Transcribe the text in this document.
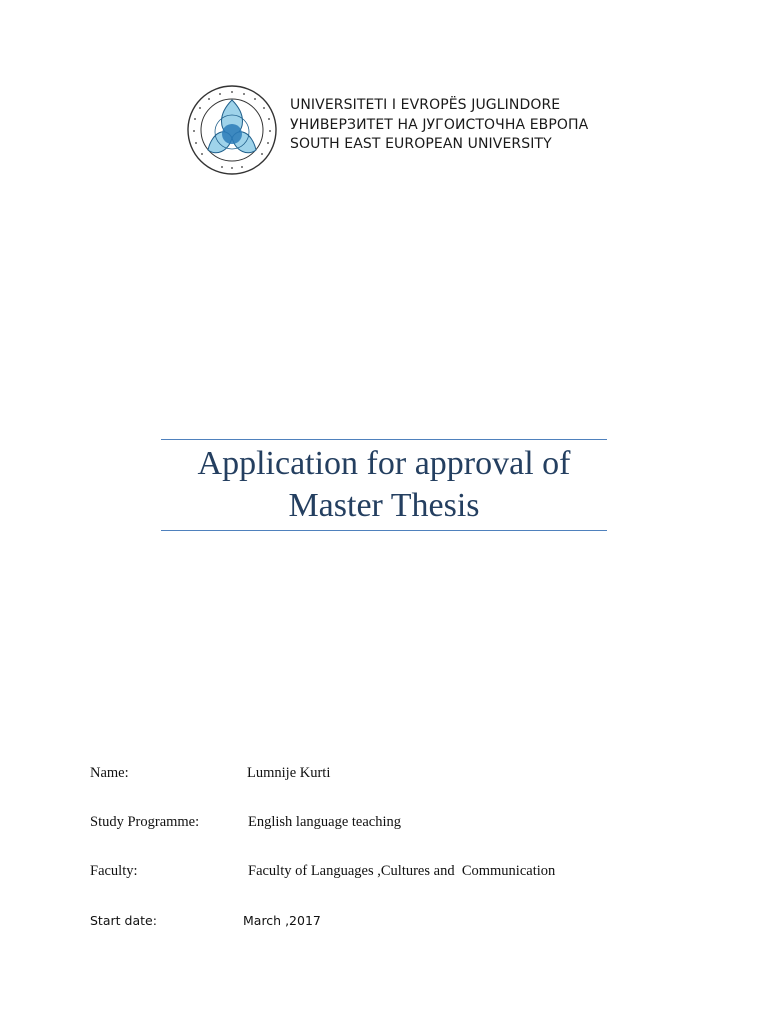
UNIVERSITETI I EVROPËS JUGLINDORE
УНИВЕРЗИТЕТ НА ЈУГОИСТОЧНА ЕВРОПА
SOUTH EAST EUROPEAN UNIVERSITY
Application for approval of
Master Thesis
Name:	Lumnije Kurti
Study Programme:	English language teaching
Faculty:	Faculty of Languages ,Cultures and  Communication
Start date:	March ,2017
